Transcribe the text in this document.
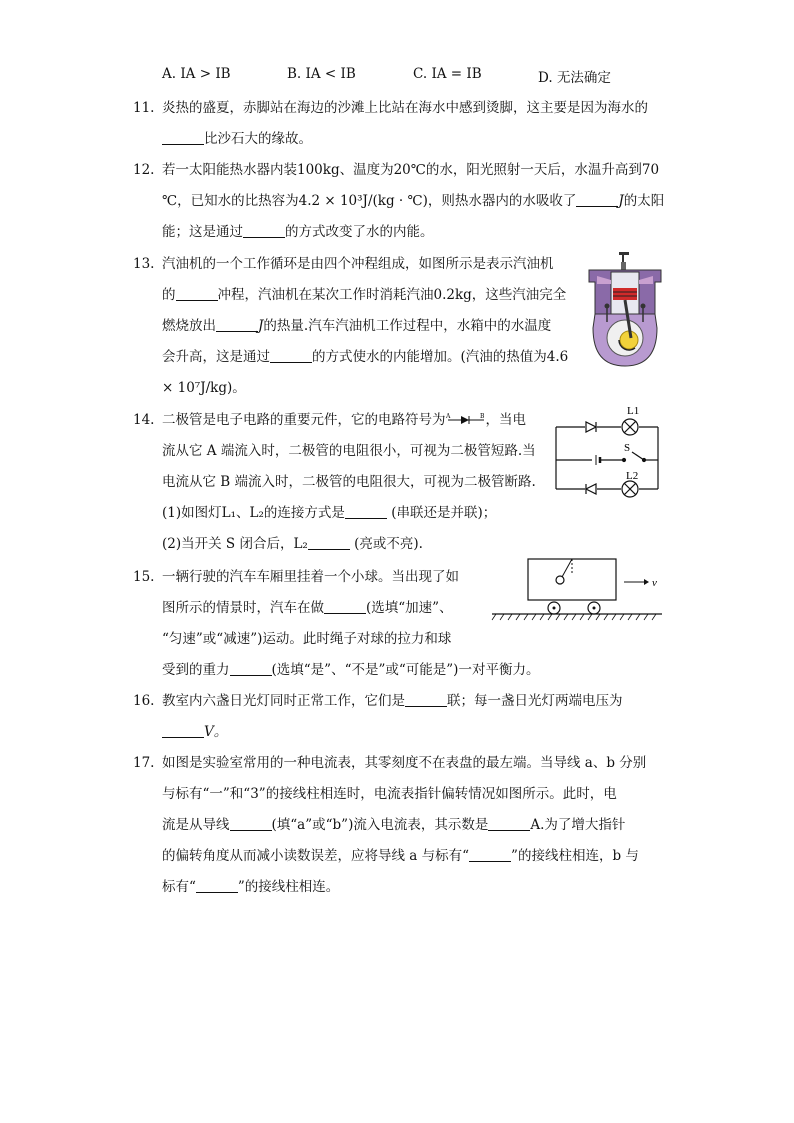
A. IA > IB	B. IA < IB	C. IA = IB	D. 无法确定
11. 炎热的盛夏，赤脚站在海边的沙滩上比站在海水中感到烫脚，这主要是因为海水的
比沙石大的缘故。
12. 若一太阳能热水器内装100kg、温度为20℃的水，阳光照射一天后，水温升高到70
℃，已知水的比热容为4.2 × 10³J/(kg · ℃)，则热水器内的水吸收了	J的太阳
能；这是通过	的方式改变了水的内能。
13. 汽油机的一个工作循环是由四个冲程组成，如图所示是表示汽油机
的	冲程，汽油机在某次工作时消耗汽油0.2kg，这些汽油完全
燃烧放出	J的热量.汽车汽油机工作过程中，水箱中的水温度
会升高，这是通过	的方式使水的内能增加。(汽油的热值为4.6
× 10⁷J/kg)。
14. 二极管是电子电路的重要元件，它的电路符号为 A	B ，当电
流从它 A 端流入时，二极管的电阻很小，可视为二极管短路.当
电流从它 B 端流入时，二极管的电阻很大，可视为二极管断路.
(1)如图灯L₁、L₂的连接方式是	(串联还是并联)；
(2)当开关 S 闭合后，L₂	(亮或不亮).
L1
S
L2
15. 一辆行驶的汽车车厢里挂着一个小球。当出现了如
图所示的情景时，汽车在做	(选填“加速”、
“匀速”或“减速”)运动。此时绳子对球的拉力和球
受到的重力	(选填“是”、“不是”或“可能是”)一对平衡力。
v
16. 教室内六盏日光灯同时正常工作，它们是	联；每一盏日光灯两端电压为
V。
17. 如图是实验室常用的一种电流表，其零刻度不在表盘的最左端。当导线 a、b 分别
与标有“一”和“3”的接线柱相连时，电流表指针偏转情况如图所示。此时，电
流是从导线	(填“a”或“b”)流入电流表，其示数是	A.为了增大指针
的偏转角度从而减小读数误差，应将导线 a 与标有“	”的接线柱相连，b 与
标有“	”的接线柱相连。
